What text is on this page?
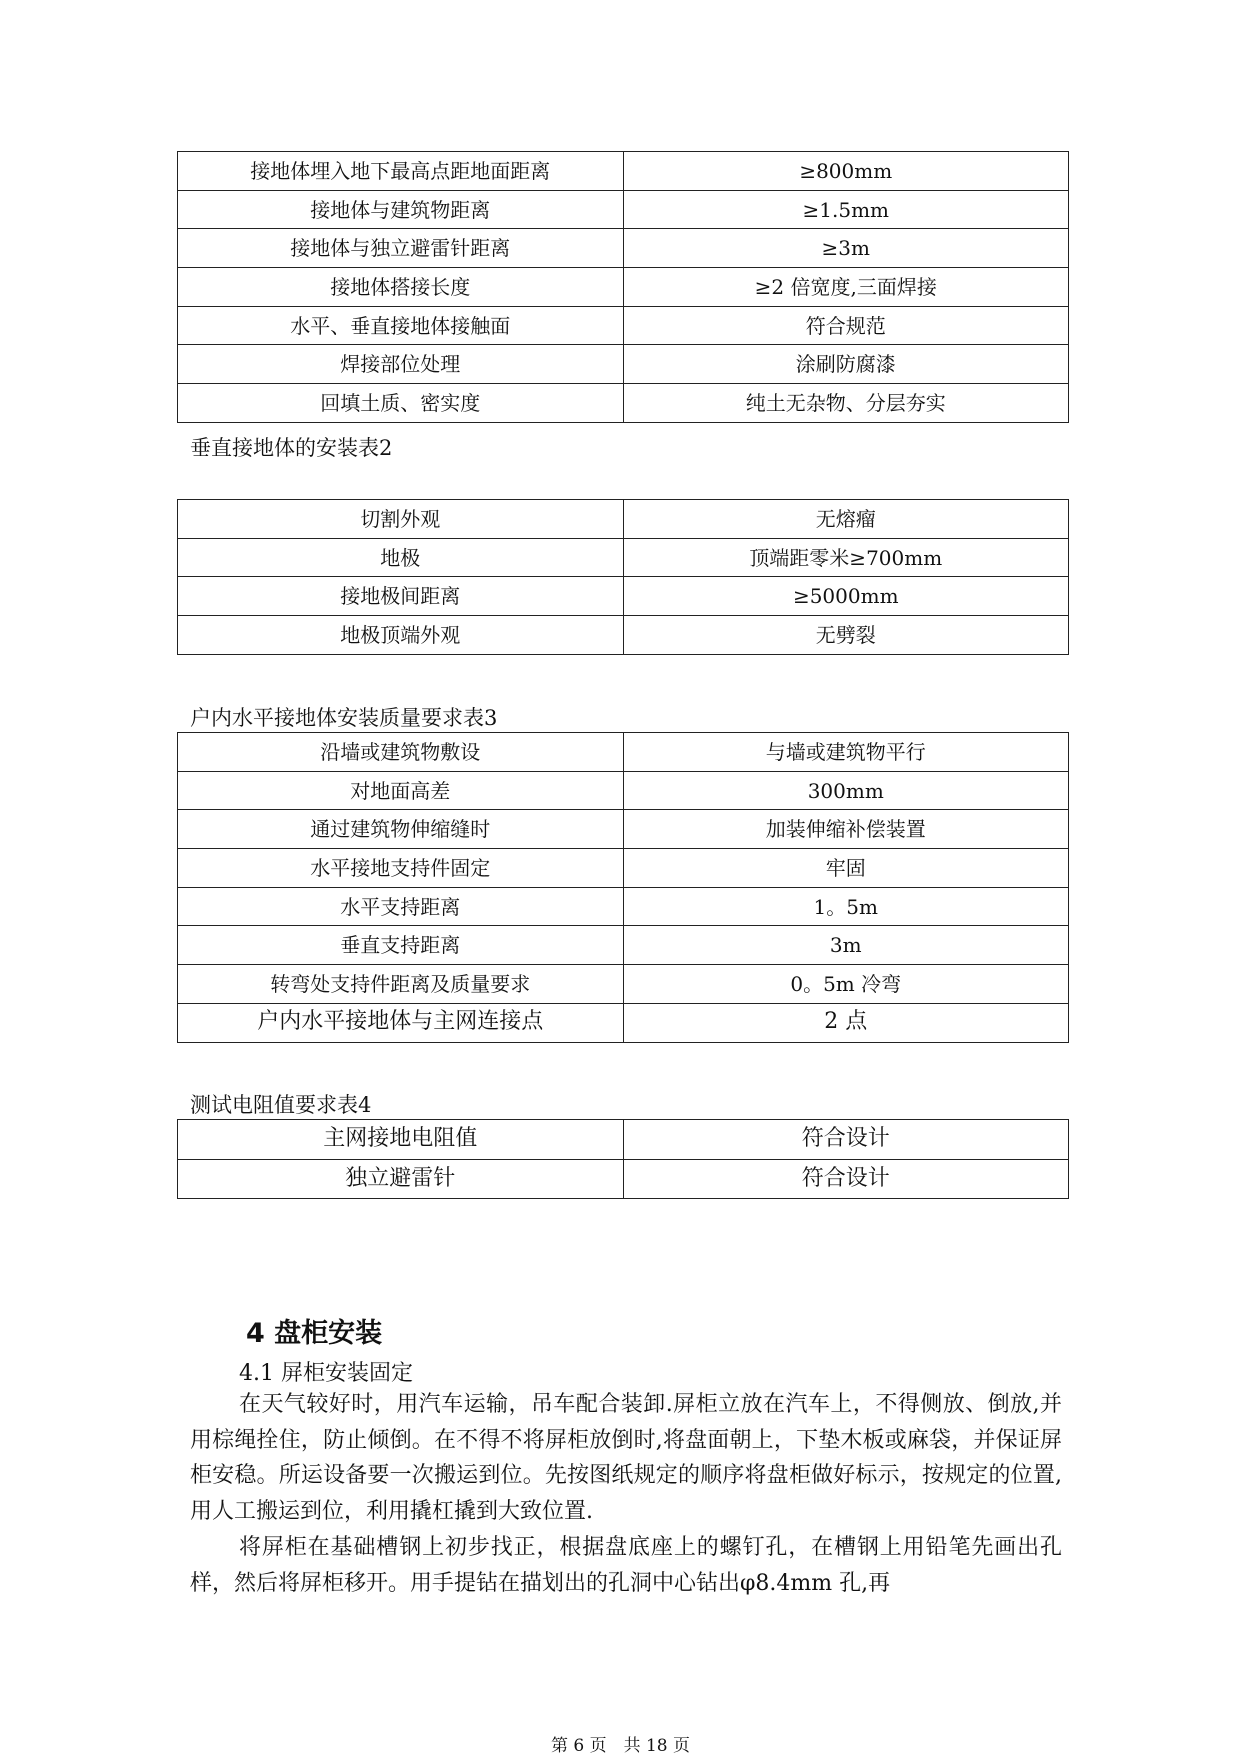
接地体埋入地下最高点距地面距离	≥800mm
接地体与建筑物距离	≥1.5mm
接地体与独立避雷针距离	≥3m
接地体搭接长度	≥2 倍宽度,三面焊接
水平、垂直接地体接触面	符合规范
焊接部位处理	涂刷防腐漆
回填土质、密实度	纯土无杂物、分层夯实
垂直接地体的安装表2
切割外观	无熔瘤
地极	顶端距零米≥700mm
接地极间距离	≥5000mm
地极顶端外观	无劈裂
户内水平接地体安装质量要求表3
沿墙或建筑物敷设	与墙或建筑物平行
对地面高差	300mm
通过建筑物伸缩缝时	加装伸缩补偿装置
水平接地支持件固定	牢固
水平支持距离	1。5m
垂直支持距离	3m
转弯处支持件距离及质量要求	0。5m 冷弯
户内水平接地体与主网连接点	2 点
测试电阻值要求表4
主网接地电阻值	符合设计
独立避雷针	符合设计
4 盘柜安装
4.1 屏柜安装固定

在天气较好时，用汽车运输，吊车配合装卸.屏柜立放在汽车上，不得侧放、倒放,并用棕绳拴住，防止倾倒。在不得不将屏柜放倒时,将盘面朝上，下垫木板或麻袋，并保证屏柜安稳。所运设备要一次搬运到位。先按图纸规定的顺序将盘柜做好标示，按规定的位置,用人工搬运到位，利用撬杠撬到大致位置.

将屏柜在基础槽钢上初步找正，根据盘底座上的螺钉孔，在槽钢上用铅笔先画出孔样，然后将屏柜移开。用手提钻在描划出的孔洞中心钻出φ8.4mm 孔,再

第 6 页　共 18 页
